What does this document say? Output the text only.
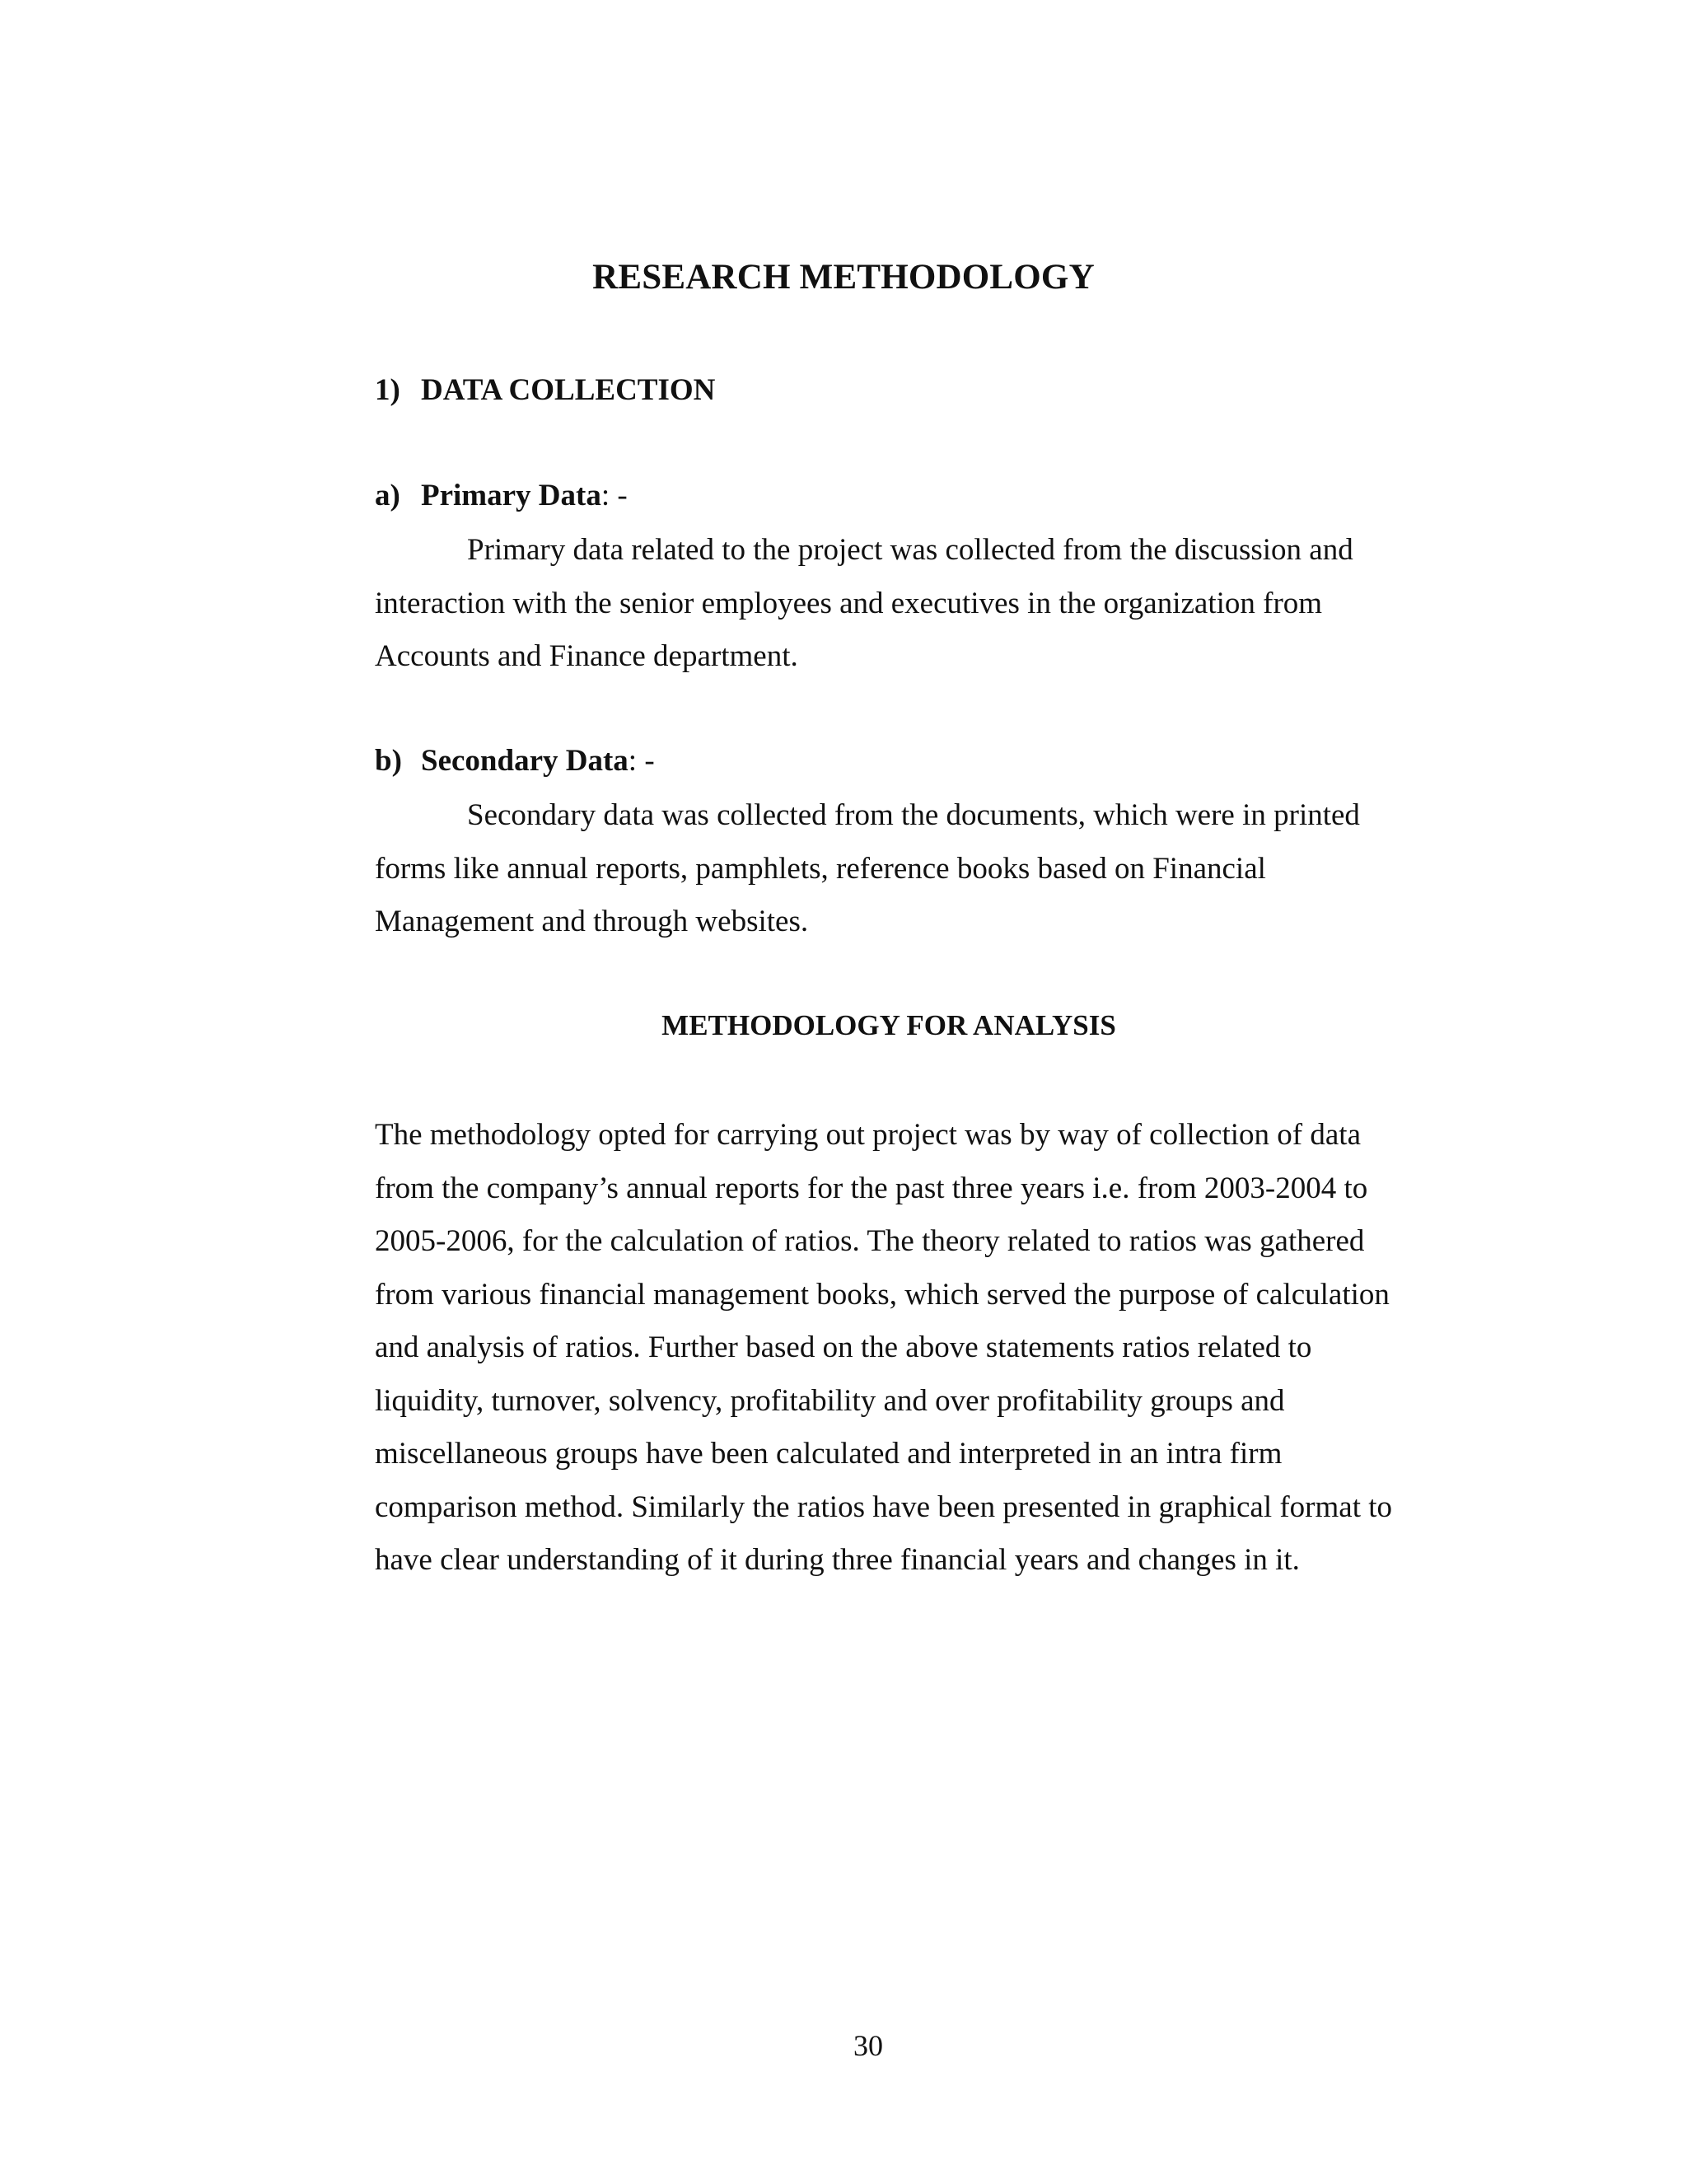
RESEARCH METHODOLOGY
1) DATA COLLECTION
a) Primary Data: -
Primary data related to the project was collected from the discussion and
interaction with the senior employees and executives in the organization from
Accounts and Finance department.
b) Secondary Data: -
Secondary data was collected from the documents, which were in printed
forms like annual reports, pamphlets, reference books based on Financial
Management and through websites.
METHODOLOGY FOR ANALYSIS
The methodology opted for carrying out project was by way of collection of data
from the company’s annual reports for the past three years i.e. from 2003-2004 to
2005-2006, for the calculation of ratios. The theory related to ratios was gathered
from various financial management books, which served the purpose of calculation
and analysis of ratios. Further based on the above statements ratios related to
liquidity, turnover, solvency, profitability and over profitability groups and
miscellaneous groups have been calculated and interpreted in an intra firm
comparison method. Similarly the ratios have been presented in graphical format to
have clear understanding of it during three financial years and changes in it.
30
